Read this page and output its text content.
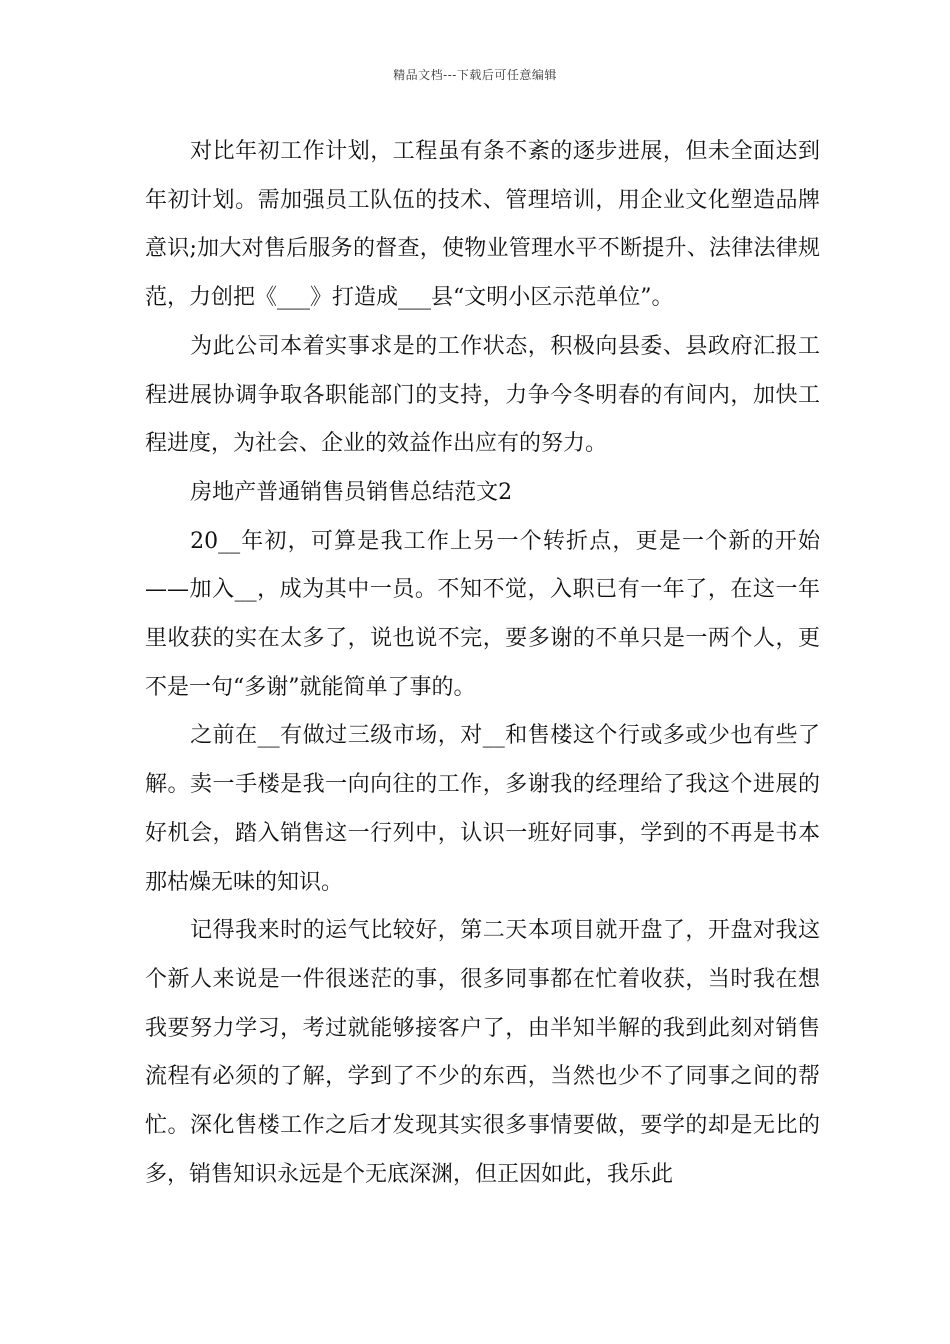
精品文档---下载后可任意编辑

对比年初工作计划，工程虽有条不紊的逐步进展，但未全面达到年初计划。需加强员工队伍的技术、管理培训，用企业文化塑造品牌意识;加大对售后服务的督查，使物业管理水平不断提升、法律法律规范，力创把《___》打造成___县“文明小区示范单位”。

为此公司本着实事求是的工作状态，积极向县委、县政府汇报工程进展协调争取各职能部门的支持，力争今冬明春的有间内，加快工程进度，为社会、企业的效益作出应有的努力。

房地产普通销售员销售总结范文2

20__年初，可算是我工作上另一个转折点，更是一个新的开始——加入__，成为其中一员。不知不觉，入职已有一年了，在这一年里收获的实在太多了，说也说不完，要多谢的不单只是一两个人，更不是一句“多谢”就能简单了事的。

之前在__有做过三级市场，对__和售楼这个行或多或少也有些了解。卖一手楼是我一向向往的工作，多谢我的经理给了我这个进展的好机会，踏入销售这一行列中，认识一班好同事，学到的不再是书本那枯燥无味的知识。

记得我来时的运气比较好，第二天本项目就开盘了，开盘对我这个新人来说是一件很迷茫的事，很多同事都在忙着收获，当时我在想我要努力学习，考过就能够接客户了，由半知半解的我到此刻对销售流程有必须的了解，学到了不少的东西，当然也少不了同事之间的帮忙。深化售楼工作之后才发现其实很多事情要做，要学的却是无比的多，销售知识永远是个无底深渊，但正因如此，我乐此
